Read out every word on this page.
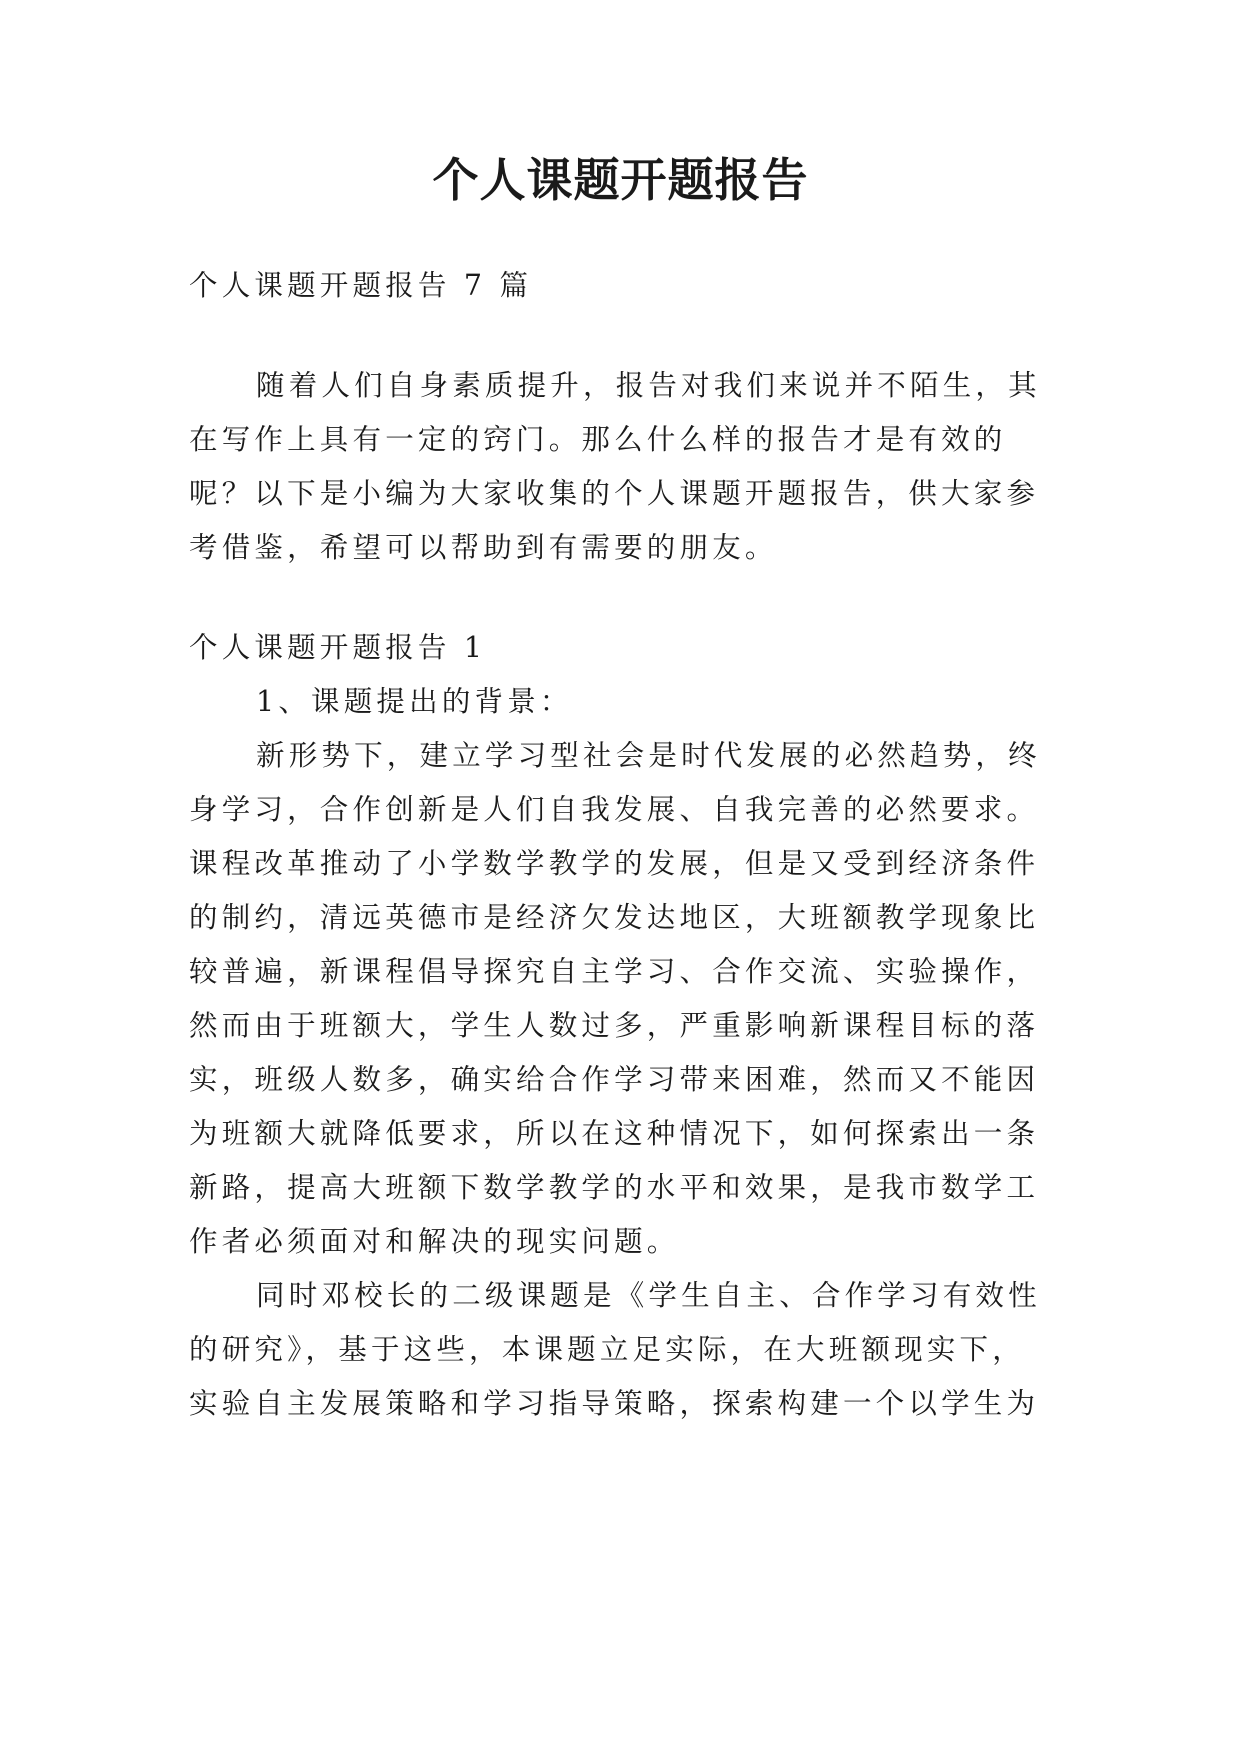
个人课题开题报告
个人课题开题报告 7 篇
随着人们自身素质提升，报告对我们来说并不陌生，其
在写作上具有一定的窍门。那么什么样的报告才是有效的
呢？以下是小编为大家收集的个人课题开题报告，供大家参
考借鉴，希望可以帮助到有需要的朋友。
个人课题开题报告 1
1、课题提出的背景：
新形势下，建立学习型社会是时代发展的必然趋势，终
身学习，合作创新是人们自我发展、自我完善的必然要求。
课程改革推动了小学数学教学的发展，但是又受到经济条件
的制约，清远英德市是经济欠发达地区，大班额教学现象比
较普遍，新课程倡导探究自主学习、合作交流、实验操作，
然而由于班额大，学生人数过多，严重影响新课程目标的落
实，班级人数多，确实给合作学习带来困难，然而又不能因
为班额大就降低要求，所以在这种情况下，如何探索出一条
新路，提高大班额下数学教学的水平和效果，是我市数学工
作者必须面对和解决的现实问题。
同时邓校长的二级课题是《学生自主、合作学习有效性
的研究》，基于这些，本课题立足实际，在大班额现实下，
实验自主发展策略和学习指导策略，探索构建一个以学生为
